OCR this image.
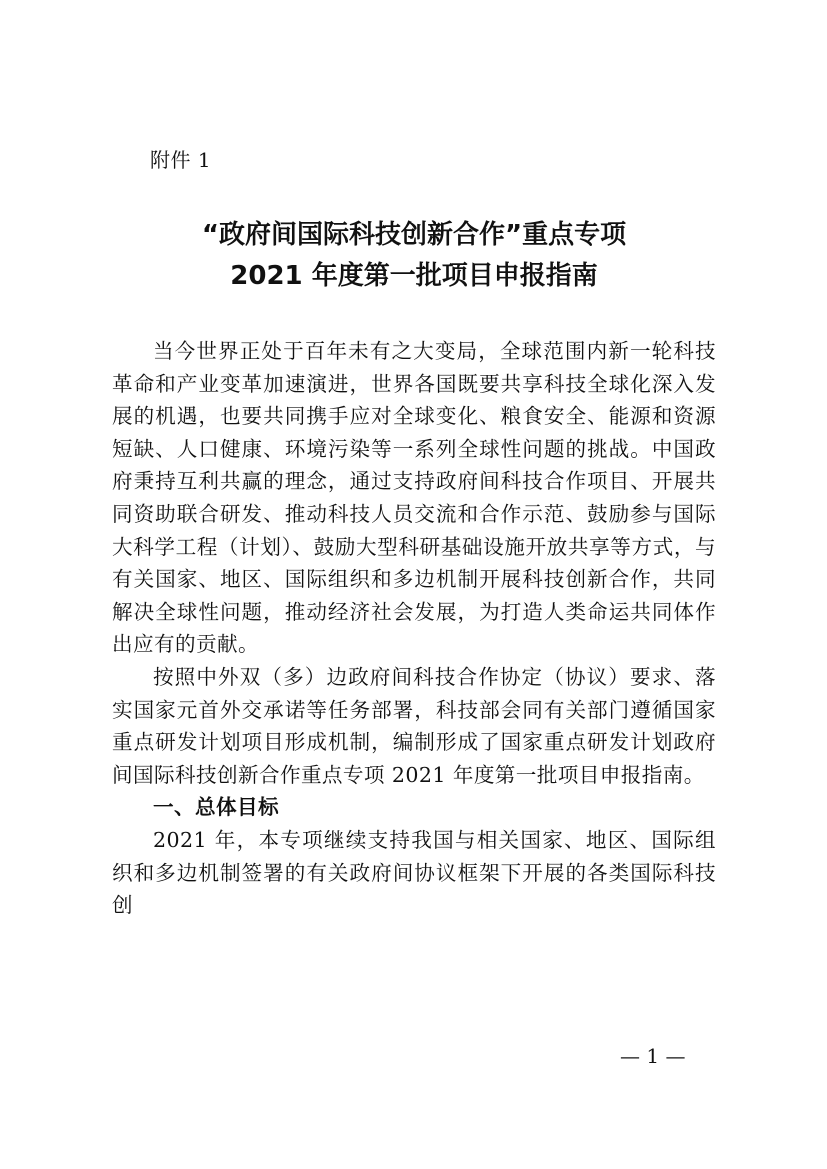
附件 1
“政府间国际科技创新合作”重点专项
2021 年度第一批项目申报指南

当今世界正处于百年未有之大变局，全球范围内新一轮科技革命和产业变革加速演进，世界各国既要共享科技全球化深入发展的机遇，也要共同携手应对全球变化、粮食安全、能源和资源短缺、人口健康、环境污染等一系列全球性问题的挑战。中国政府秉持互利共赢的理念，通过支持政府间科技合作项目、开展共同资助联合研发、推动科技人员交流和合作示范、鼓励参与国际大科学工程（计划）、鼓励大型科研基础设施开放共享等方式，与有关国家、地区、国际组织和多边机制开展科技创新合作，共同解决全球性问题，推动经济社会发展，为打造人类命运共同体作出应有的贡献。

按照中外双（多）边政府间科技合作协定（协议）要求、落实国家元首外交承诺等任务部署，科技部会同有关部门遵循国家重点研发计划项目形成机制，编制形成了国家重点研发计划政府间国际科技创新合作重点专项 2021 年度第一批项目申报指南。

一、总体目标

2021 年，本专项继续支持我国与相关国家、地区、国际组织和多边机制签署的有关政府间协议框架下开展的各类国际科技创

— 1 —
